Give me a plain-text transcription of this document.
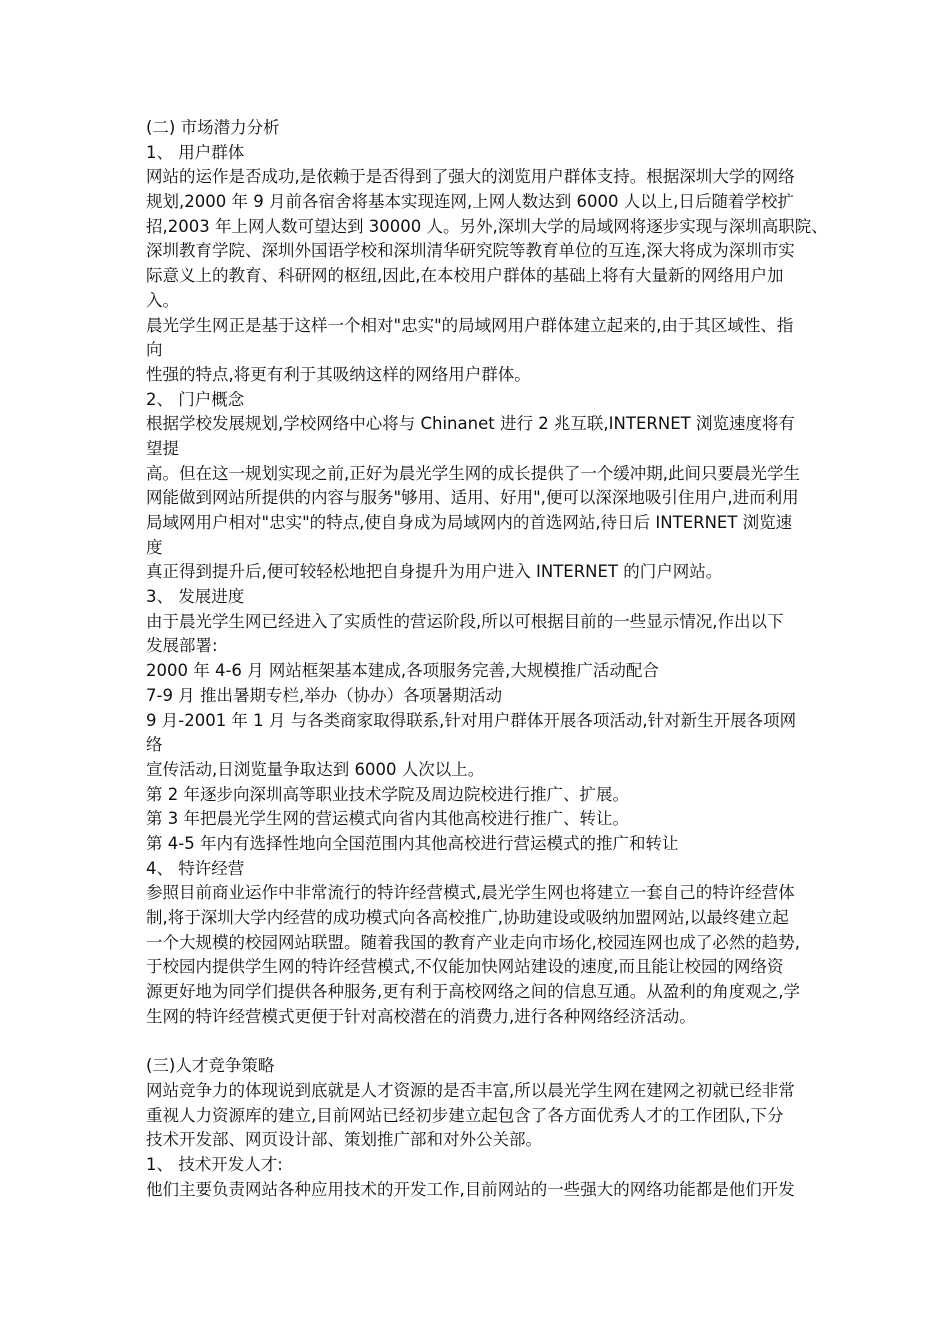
(二) 市场潜力分析
1、 用户群体
网站的运作是否成功,是依赖于是否得到了强大的浏览用户群体支持。根据深圳大学的网络
规划,2000 年 9 月前各宿舍将基本实现连网,上网人数达到 6000 人以上,日后随着学校扩
招,2003 年上网人数可望达到 30000 人。另外,深圳大学的局域网将逐步实现与深圳高职院、
深圳教育学院、深圳外国语学校和深圳清华研究院等教育单位的互连,深大将成为深圳市实
际意义上的教育、科研网的枢纽,因此,在本校用户群体的基础上将有大量新的网络用户加
入。
晨光学生网正是基于这样一个相对"忠实"的局域网用户群体建立起来的,由于其区域性、指
向
性强的特点,将更有利于其吸纳这样的网络用户群体。
2、 门户概念
根据学校发展规划,学校网络中心将与 Chinanet 进行 2 兆互联,INTERNET 浏览速度将有
望提
高。但在这一规划实现之前,正好为晨光学生网的成长提供了一个缓冲期,此间只要晨光学生
网能做到网站所提供的内容与服务"够用、适用、好用",便可以深深地吸引住用户,进而利用
局域网用户相对"忠实"的特点,使自身成为局域网内的首选网站,待日后 INTERNET 浏览速
度
真正得到提升后,便可较轻松地把自身提升为用户进入 INTERNET 的门户网站。
3、 发展进度
由于晨光学生网已经进入了实质性的营运阶段,所以可根据目前的一些显示情况,作出以下
发展部署:
2000 年 4-6 月 网站框架基本建成,各项服务完善,大规模推广活动配合
7-9 月 推出暑期专栏,举办（协办）各项暑期活动
9 月-2001 年 1 月 与各类商家取得联系,针对用户群体开展各项活动,针对新生开展各项网
络
宣传活动,日浏览量争取达到 6000 人次以上。
第 2 年逐步向深圳高等职业技术学院及周边院校进行推广、扩展。
第 3 年把晨光学生网的营运模式向省内其他高校进行推广、转让。
第 4-5 年内有选择性地向全国范围内其他高校进行营运模式的推广和转让
4、 特许经营
参照目前商业运作中非常流行的特许经营模式,晨光学生网也将建立一套自己的特许经营体
制,将于深圳大学内经营的成功模式向各高校推广,协助建设或吸纳加盟网站,以最终建立起
一个大规模的校园网站联盟。随着我国的教育产业走向市场化,校园连网也成了必然的趋势,
于校园内提供学生网的特许经营模式,不仅能加快网站建设的速度,而且能让校园的网络资
源更好地为同学们提供各种服务,更有利于高校网络之间的信息互通。从盈利的角度观之,学
生网的特许经营模式更便于针对高校潜在的消费力,进行各种网络经济活动。
(三)人才竞争策略
网站竞争力的体现说到底就是人才资源的是否丰富,所以晨光学生网在建网之初就已经非常
重视人力资源库的建立,目前网站已经初步建立起包含了各方面优秀人才的工作团队,下分
技术开发部、网页设计部、策划推广部和对外公关部。
1、 技术开发人才:
他们主要负责网站各种应用技术的开发工作,目前网站的一些强大的网络功能都是他们开发
